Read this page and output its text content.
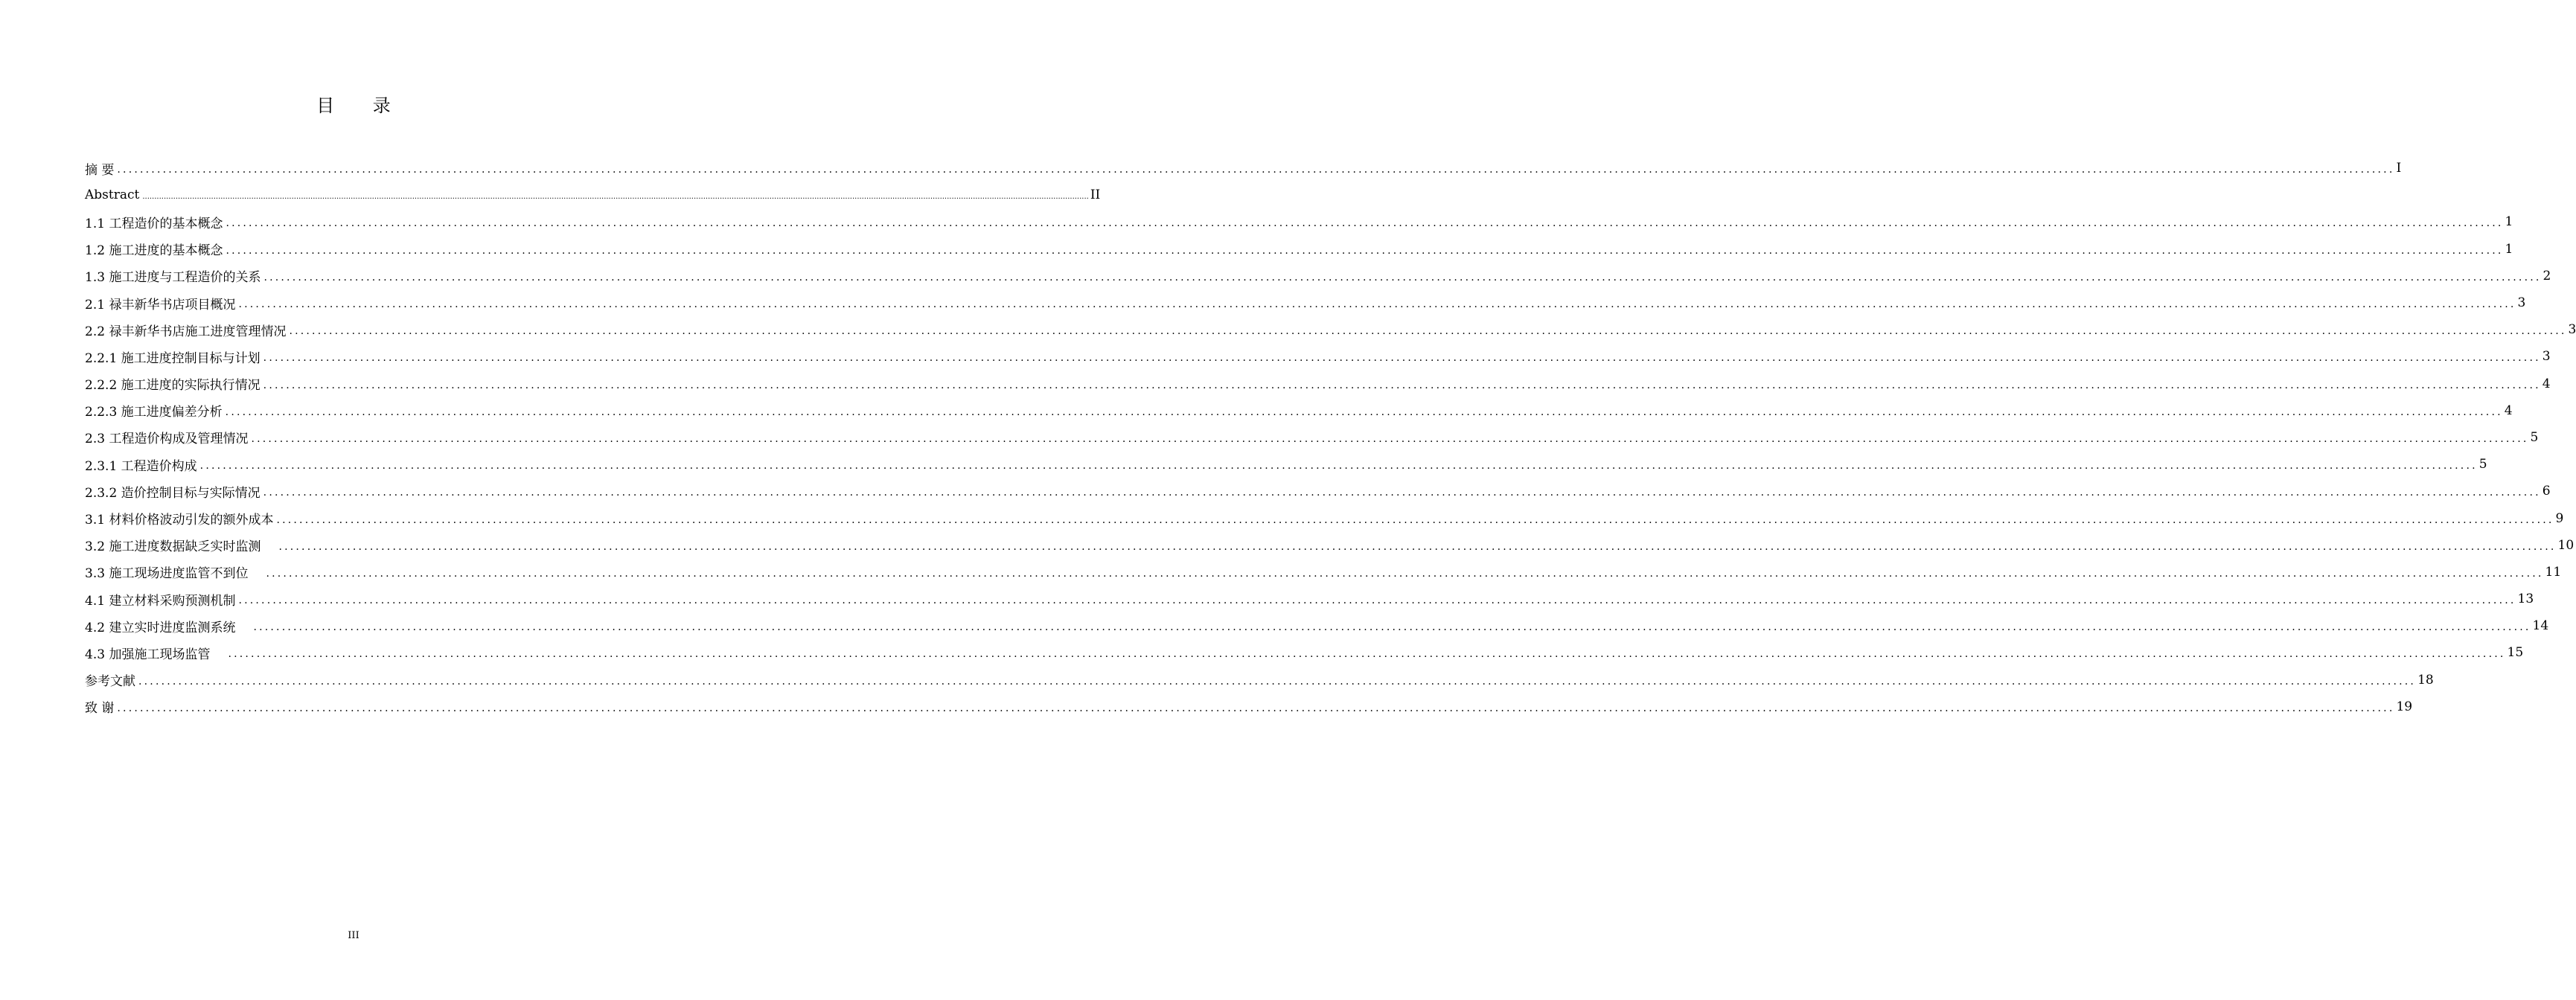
目 录
摘 要 ................................................................................................................................................................................................................................................................................................................................................................................................................ I
Abstract ................................................................................................................................................................................................................................................................................................................................................................................................................ II
1.1 工程造价的基本概念 ................................................................................................................................................................................................................................................................................................................................................................................................................ 1
1.2 施工进度的基本概念 ................................................................................................................................................................................................................................................................................................................................................................................................................ 1
1.3 施工进度与工程造价的关系 ................................................................................................................................................................................................................................................................................................................................................................................................................ 2
2.1 禄丰新华书店项目概况 ................................................................................................................................................................................................................................................................................................................................................................................................................ 3
2.2 禄丰新华书店施工进度管理情况 ................................................................................................................................................................................................................................................................................................................................................................................................................ 3
2.2.1 施工进度控制目标与计划 ................................................................................................................................................................................................................................................................................................................................................................................................................ 3
2.2.2 施工进度的实际执行情况 ................................................................................................................................................................................................................................................................................................................................................................................................................ 4
2.2.3 施工进度偏差分析 ................................................................................................................................................................................................................................................................................................................................................................................................................ 4
2.3 工程造价构成及管理情况 ................................................................................................................................................................................................................................................................................................................................................................................................................ 5
2.3.1 工程造价构成 ................................................................................................................................................................................................................................................................................................................................................................................................................ 5
2.3.2 造价控制目标与实际情况 ................................................................................................................................................................................................................................................................................................................................................................................................................ 6
3.1 材料价格波动引发的额外成本 ................................................................................................................................................................................................................................................................................................................................................................................................................ 9
3.2 施工进度数据缺乏实时监测 ................................................................................................................................................................................................................................................................................................................................................................................................................ 10
3.3 施工现场进度监管不到位 ................................................................................................................................................................................................................................................................................................................................................................................................................ 11
4.1 建立材料采购预测机制 ................................................................................................................................................................................................................................................................................................................................................................................................................ 13
4.2 建立实时进度监测系统 ................................................................................................................................................................................................................................................................................................................................................................................................................ 14
4.3 加强施工现场监管 ................................................................................................................................................................................................................................................................................................................................................................................................................ 15
参考文献 ................................................................................................................................................................................................................................................................................................................................................................................................................ 18
致 谢 ................................................................................................................................................................................................................................................................................................................................................................................................................ 19
III
